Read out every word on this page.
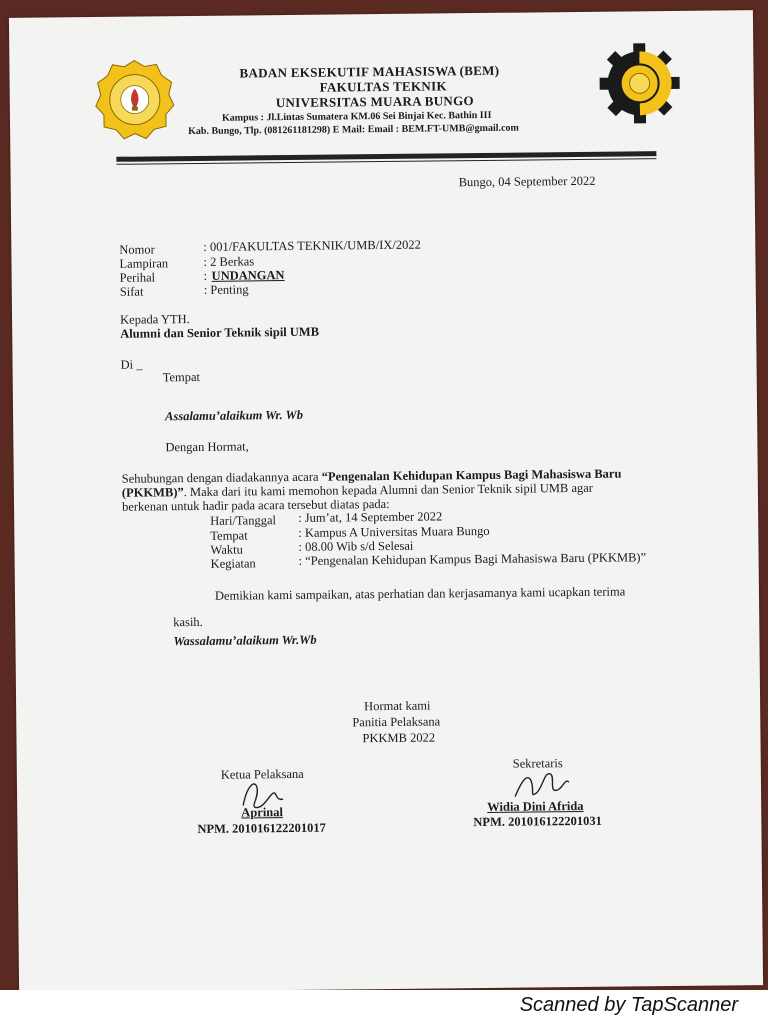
BADAN EKSEKUTIF MAHASISWA (BEM)
FAKULTAS TEKNIK
UNIVERSITAS MUARA BUNGO
Kampus : Jl.Lintas Sumatera KM.06 Sei Binjai Kec. Bathin III
Kab. Bungo, Tlp. (081261181298) E Mail: Email : BEM.FT-UMB@gmail.com
Bungo, 04 September 2022
Nomor	: 001/FAKULTAS TEKNIK/UMB/IX/2022
Lampiran	: 2 Berkas
Perihal	: UNDANGAN
Sifat	: Penting
Kepada YTH.
Alumni dan Senior Teknik sipil UMB
Di _
Tempat
Assalamu’alaikum Wr. Wb
Dengan Hormat,
Sehubungan dengan diadakannya acara “Pengenalan Kehidupan Kampus Bagi Mahasiswa Baru
(PKKMB)”. Maka dari itu kami memohon kepada Alumni dan Senior Teknik sipil UMB agar
berkenan untuk hadir pada acara tersebut diatas pada:
Hari/Tanggal : Jum’at, 14 September 2022
Tempat	: Kampus A Universitas Muara Bungo
Waktu	: 08.00 Wib s/d Selesai
Kegiatan	: “Pengenalan Kehidupan Kampus Bagi Mahasiswa Baru (PKKMB)”
Demikian kami sampaikan, atas perhatian dan kerjasamanya kami ucapkan terima
kasih.
Wassalamu’alaikum Wr.Wb
Hormat kami
Panitia Pelaksana
PKKMB 2022
Ketua Pelaksana
Aprinal
NPM. 201016122201017
Sekretaris
Widia Dini Afrida
NPM. 201016122201031
Scanned by TapScanner
